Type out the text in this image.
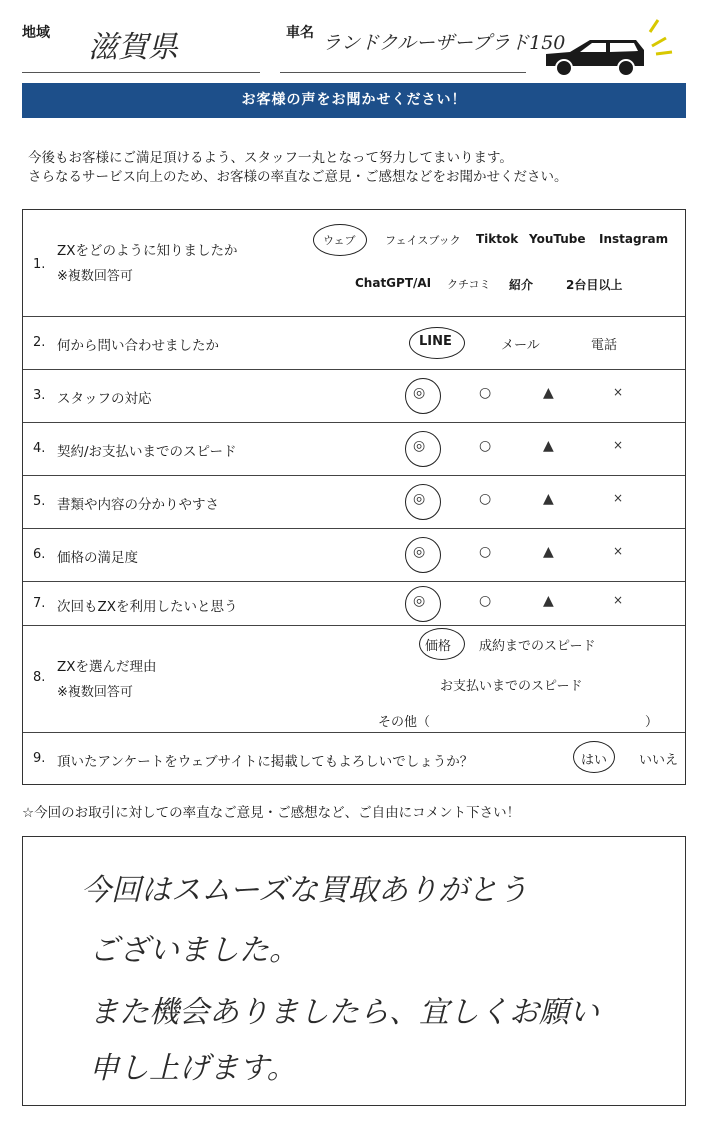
地域 滋賀県	車名 ランドクルーザープラド150
お客様の声をお聞かせください！
今後もお客様にご満足頂けるよう、スタッフ一丸となって努力してまいります。
さらなるサービス向上のため、お客様の率直なご意見・ご感想などをお聞かせください。
1.
ZXをどのように知りましたか
※複数回答可
ウェブ	フェイスブック Tiktok YouTube Instagram
ChatGPT/AI クチコミ 紹介	2台目以上
2. 何から問い合わせましたか	LINE	メール	電話
3. スタッフの対応	◎	○	▲	×
4. 契約/お支払いまでのスピード	◎	○	▲	×
5. 書類や内容の分かりやすさ	◎	○	▲	×
6. 価格の満足度	◎	○	▲	×
7. 次回もZXを利用したいと思う	◎	○	▲	×
8.
ZXを選んだ理由
※複数回答可
価格 成約までのスピード
お支払いまでのスピード
その他（	）
9. 頂いたアンケートをウェブサイトに掲載してもよろしいでしょうか？	はい いいえ
☆今回のお取引に対しての率直なご意見・ご感想など、ご自由にコメント下さい！
今回はスムーズな買取ありがとう
ございました。
また機会ありましたら、宜しくお願い
申し上げます。
